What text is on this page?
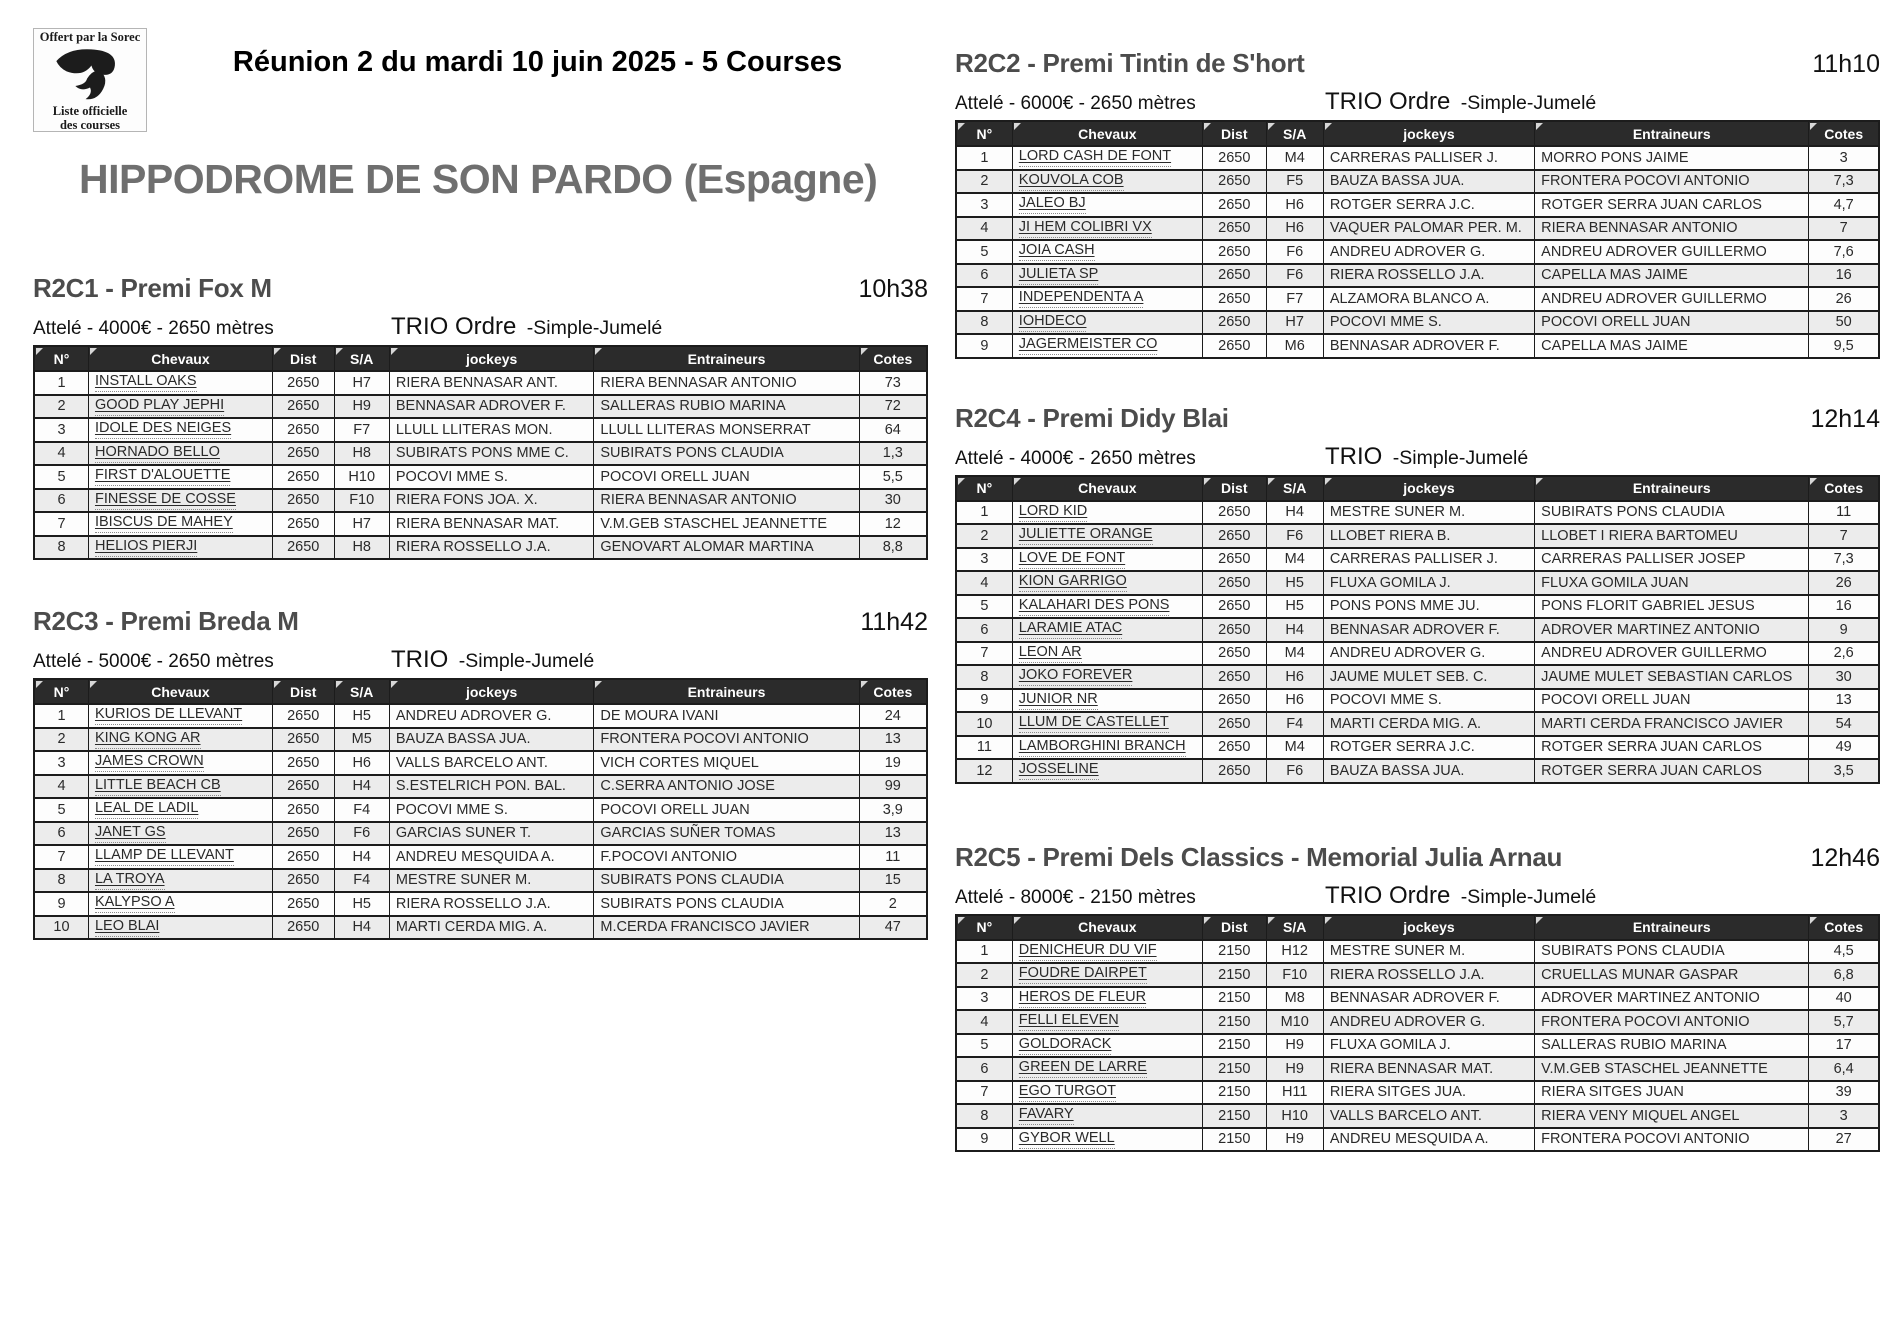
Offert par la Sorec
Liste officielle
des courses
Réunion 2 du mardi 10 juin 2025 - 5 Courses
HIPPODROME DE SON PARDO (Espagne)
R2C1 - Premi Fox M	10h38
Attelé - 4000€ - 2650 mètres	TRIO Ordre -Simple-Jumelé
N°	Chevaux	Dist	S/A	jockeys	Entraineurs	Cotes
1	INSTALL OAKS	2650	H7	RIERA BENNASAR ANT.	RIERA BENNASAR ANTONIO	73
2	GOOD PLAY JEPHI	2650	H9	BENNASAR ADROVER F.	SALLERAS RUBIO MARINA	72
3	IDOLE DES NEIGES	2650	F7	LLULL LLITERAS MON.	LLULL LLITERAS MONSERRAT	64
4	HORNADO BELLO	2650	H8	SUBIRATS PONS MME C.	SUBIRATS PONS CLAUDIA	1,3
5	FIRST D'ALOUETTE	2650	H10	POCOVI MME S.	POCOVI ORELL JUAN	5,5
6	FINESSE DE COSSE	2650	F10	RIERA FONS JOA. X.	RIERA BENNASAR ANTONIO	30
7	IBISCUS DE MAHEY	2650	H7	RIERA BENNASAR MAT.	V.M.GEB STASCHEL JEANNETTE	12
8	HELIOS PIERJI	2650	H8	RIERA ROSSELLO J.A.	GENOVART ALOMAR MARTINA	8,8
R2C3 - Premi Breda M	11h42
Attelé - 5000€ - 2650 mètres	TRIO -Simple-Jumelé
N°	Chevaux	Dist	S/A	jockeys	Entraineurs	Cotes
1	KURIOS DE LLEVANT	2650	H5	ANDREU ADROVER G.	DE MOURA IVANI	24
2	KING KONG AR	2650	M5	BAUZA BASSA JUA.	FRONTERA POCOVI ANTONIO	13
3	JAMES CROWN	2650	H6	VALLS BARCELO ANT.	VICH CORTES MIQUEL	19
4	LITTLE BEACH CB	2650	H4	S.ESTELRICH PON. BAL.	C.SERRA ANTONIO JOSE	99
5	LEAL DE LADIL	2650	F4	POCOVI MME S.	POCOVI ORELL JUAN	3,9
6	JANET GS	2650	F6	GARCIAS SUNER T.	GARCIAS SUÑER TOMAS	13
7	LLAMP DE LLEVANT	2650	H4	ANDREU MESQUIDA A.	F.POCOVI ANTONIO	11
8	LA TROYA	2650	F4	MESTRE SUNER M.	SUBIRATS PONS CLAUDIA	15
9	KALYPSO A	2650	H5	RIERA ROSSELLO J.A.	SUBIRATS PONS CLAUDIA	2
10	LEO BLAI	2650	H4	MARTI CERDA MIG. A.	M.CERDA FRANCISCO JAVIER	47
R2C2 - Premi Tintin de S'hort	11h10
Attelé - 6000€ - 2650 mètres	TRIO Ordre -Simple-Jumelé
N°	Chevaux	Dist	S/A	jockeys	Entraineurs	Cotes
1	LORD CASH DE FONT	2650	M4	CARRERAS PALLISER J.	MORRO PONS JAIME	3
2	KOUVOLA COB	2650	F5	BAUZA BASSA JUA.	FRONTERA POCOVI ANTONIO	7,3
3	JALEO BJ	2650	H6	ROTGER SERRA J.C.	ROTGER SERRA JUAN CARLOS	4,7
4	JI HEM COLIBRI VX	2650	H6	VAQUER PALOMAR PER. M.	RIERA BENNASAR ANTONIO	7
5	JOIA CASH	2650	F6	ANDREU ADROVER G.	ANDREU ADROVER GUILLERMO	7,6
6	JULIETA SP	2650	F6	RIERA ROSSELLO J.A.	CAPELLA MAS JAIME	16
7	INDEPENDENTA A	2650	F7	ALZAMORA BLANCO A.	ANDREU ADROVER GUILLERMO	26
8	IOHDECO	2650	H7	POCOVI MME S.	POCOVI ORELL JUAN	50
9	JAGERMEISTER CO	2650	M6	BENNASAR ADROVER F.	CAPELLA MAS JAIME	9,5
R2C4 - Premi Didy Blai	12h14
Attelé - 4000€ - 2650 mètres	TRIO -Simple-Jumelé
N°	Chevaux	Dist	S/A	jockeys	Entraineurs	Cotes
1	LORD KID	2650	H4	MESTRE SUNER M.	SUBIRATS PONS CLAUDIA	11
2	JULIETTE ORANGE	2650	F6	LLOBET RIERA B.	LLOBET I RIERA BARTOMEU	7
3	LOVE DE FONT	2650	M4	CARRERAS PALLISER J.	CARRERAS PALLISER JOSEP	7,3
4	KION GARRIGO	2650	H5	FLUXA GOMILA J.	FLUXA GOMILA JUAN	26
5	KALAHARI DES PONS	2650	H5	PONS PONS MME JU.	PONS FLORIT GABRIEL JESUS	16
6	LARAMIE ATAC	2650	H4	BENNASAR ADROVER F.	ADROVER MARTINEZ ANTONIO	9
7	LEON AR	2650	M4	ANDREU ADROVER G.	ANDREU ADROVER GUILLERMO	2,6
8	JOKO FOREVER	2650	H6	JAUME MULET SEB. C.	JAUME MULET SEBASTIAN CARLOS	30
9	JUNIOR NR	2650	H6	POCOVI MME S.	POCOVI ORELL JUAN	13
10	LLUM DE CASTELLET	2650	F4	MARTI CERDA MIG. A.	MARTI CERDA FRANCISCO JAVIER	54
11	LAMBORGHINI BRANCH	2650	M4	ROTGER SERRA J.C.	ROTGER SERRA JUAN CARLOS	49
12	JOSSELINE	2650	F6	BAUZA BASSA JUA.	ROTGER SERRA JUAN CARLOS	3,5
R2C5 - Premi Dels Classics - Memorial Julia Arnau	12h46
Attelé - 8000€ - 2150 mètres	TRIO Ordre -Simple-Jumelé
N°	Chevaux	Dist	S/A	jockeys	Entraineurs	Cotes
1	DENICHEUR DU VIF	2150	H12	MESTRE SUNER M.	SUBIRATS PONS CLAUDIA	4,5
2	FOUDRE DAIRPET	2150	F10	RIERA ROSSELLO J.A.	CRUELLAS MUNAR GASPAR	6,8
3	HEROS DE FLEUR	2150	M8	BENNASAR ADROVER F.	ADROVER MARTINEZ ANTONIO	40
4	FELLI ELEVEN	2150	M10	ANDREU ADROVER G.	FRONTERA POCOVI ANTONIO	5,7
5	GOLDORACK	2150	H9	FLUXA GOMILA J.	SALLERAS RUBIO MARINA	17
6	GREEN DE LARRE	2150	H9	RIERA BENNASAR MAT.	V.M.GEB STASCHEL JEANNETTE	6,4
7	EGO TURGOT	2150	H11	RIERA SITGES JUA.	RIERA SITGES JUAN	39
8	FAVARY	2150	H10	VALLS BARCELO ANT.	RIERA VENY MIQUEL ANGEL	3
9	GYBOR WELL	2150	H9	ANDREU MESQUIDA A.	FRONTERA POCOVI ANTONIO	27
